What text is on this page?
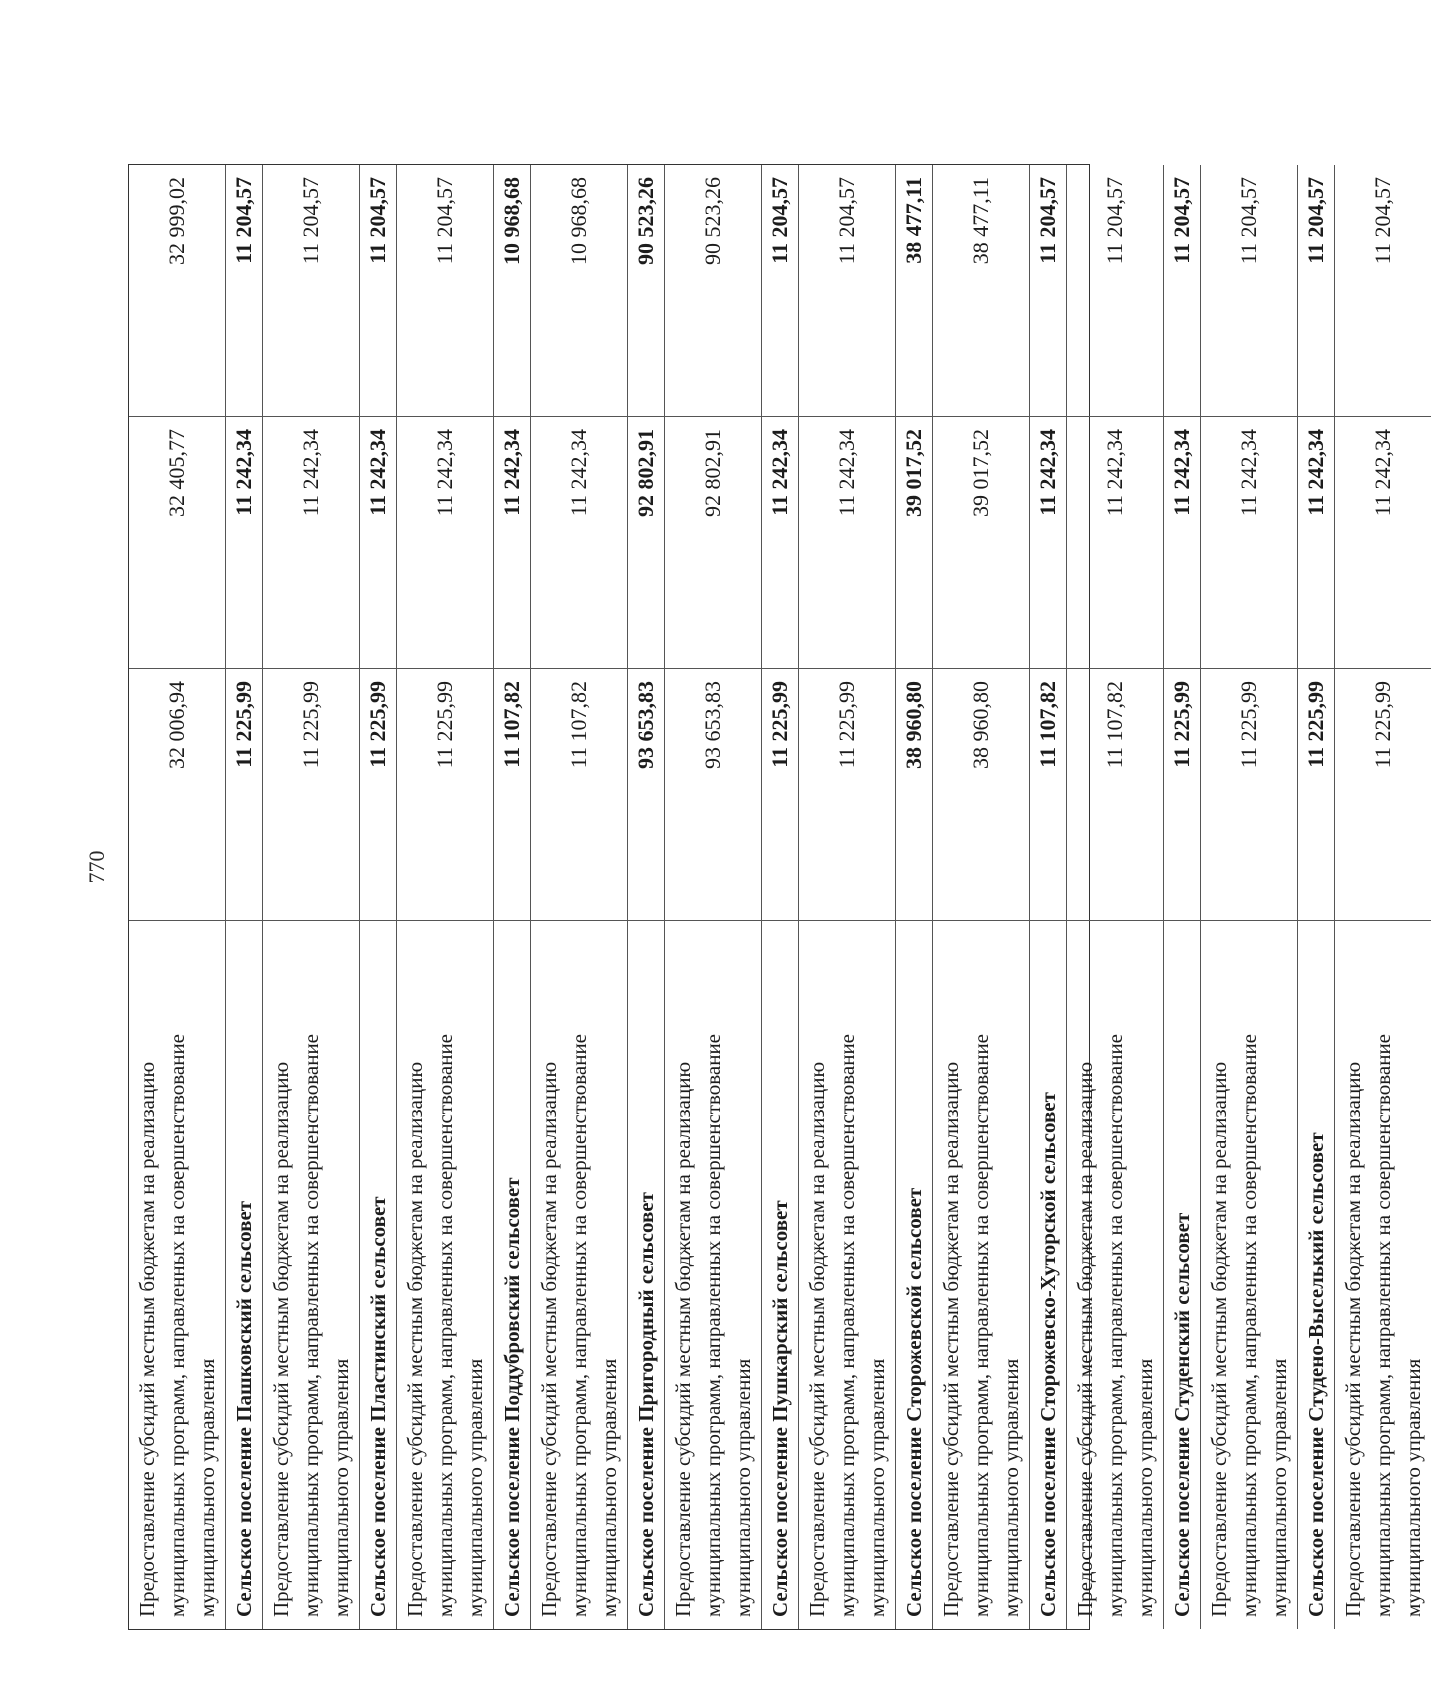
770
Предоставление субсидий местным бюджетам на реализацию муниципальных программ, направленных на совершенствование муниципального управления
32 006,94
32 405,77
32 999,02
Сельское поселение Пашковский сельсовет
11 225,99
11 242,34
11 204,57
Предоставление субсидий местным бюджетам на реализацию муниципальных программ, направленных на совершенствование муниципального управления
11 225,99
11 242,34
11 204,57
Сельское поселение Пластинский сельсовет
11 225,99
11 242,34
11 204,57
Предоставление субсидий местным бюджетам на реализацию муниципальных программ, направленных на совершенствование муниципального управления
11 225,99
11 242,34
11 204,57
Сельское поселение Поддубровский сельсовет
11 107,82
11 242,34
10 968,68
Предоставление субсидий местным бюджетам на реализацию муниципальных программ, направленных на совершенствование муниципального управления
11 107,82
11 242,34
10 968,68
Сельское поселение Пригородный сельсовет
93 653,83
92 802,91
90 523,26
Предоставление субсидий местным бюджетам на реализацию муниципальных программ, направленных на совершенствование муниципального управления
93 653,83
92 802,91
90 523,26
Сельское поселение Пушкарский сельсовет
11 225,99
11 242,34
11 204,57
Предоставление субсидий местным бюджетам на реализацию муниципальных программ, направленных на совершенствование муниципального управления
11 225,99
11 242,34
11 204,57
Сельское поселение Сторожевской сельсовет
38 960,80
39 017,52
38 477,11
Предоставление субсидий местным бюджетам на реализацию муниципальных программ, направленных на совершенствование муниципального управления
38 960,80
39 017,52
38 477,11
Сельское поселение Сторожевско-Хуторской сельсовет
11 107,82
11 242,34
11 204,57
Предоставление субсидий местным бюджетам на реализацию муниципальных программ, направленных на совершенствование муниципального управления
11 107,82
11 242,34
11 204,57
Сельское поселение Студенский сельсовет
11 225,99
11 242,34
11 204,57
Предоставление субсидий местным бюджетам на реализацию муниципальных программ, направленных на совершенствование муниципального управления
11 225,99
11 242,34
11 204,57
Сельское поселение Студено-Выселький сельсовет
11 225,99
11 242,34
11 204,57
Предоставление субсидий местным бюджетам на реализацию муниципальных программ, направленных на совершенствование муниципального управления
11 225,99
11 242,34
11 204,57
